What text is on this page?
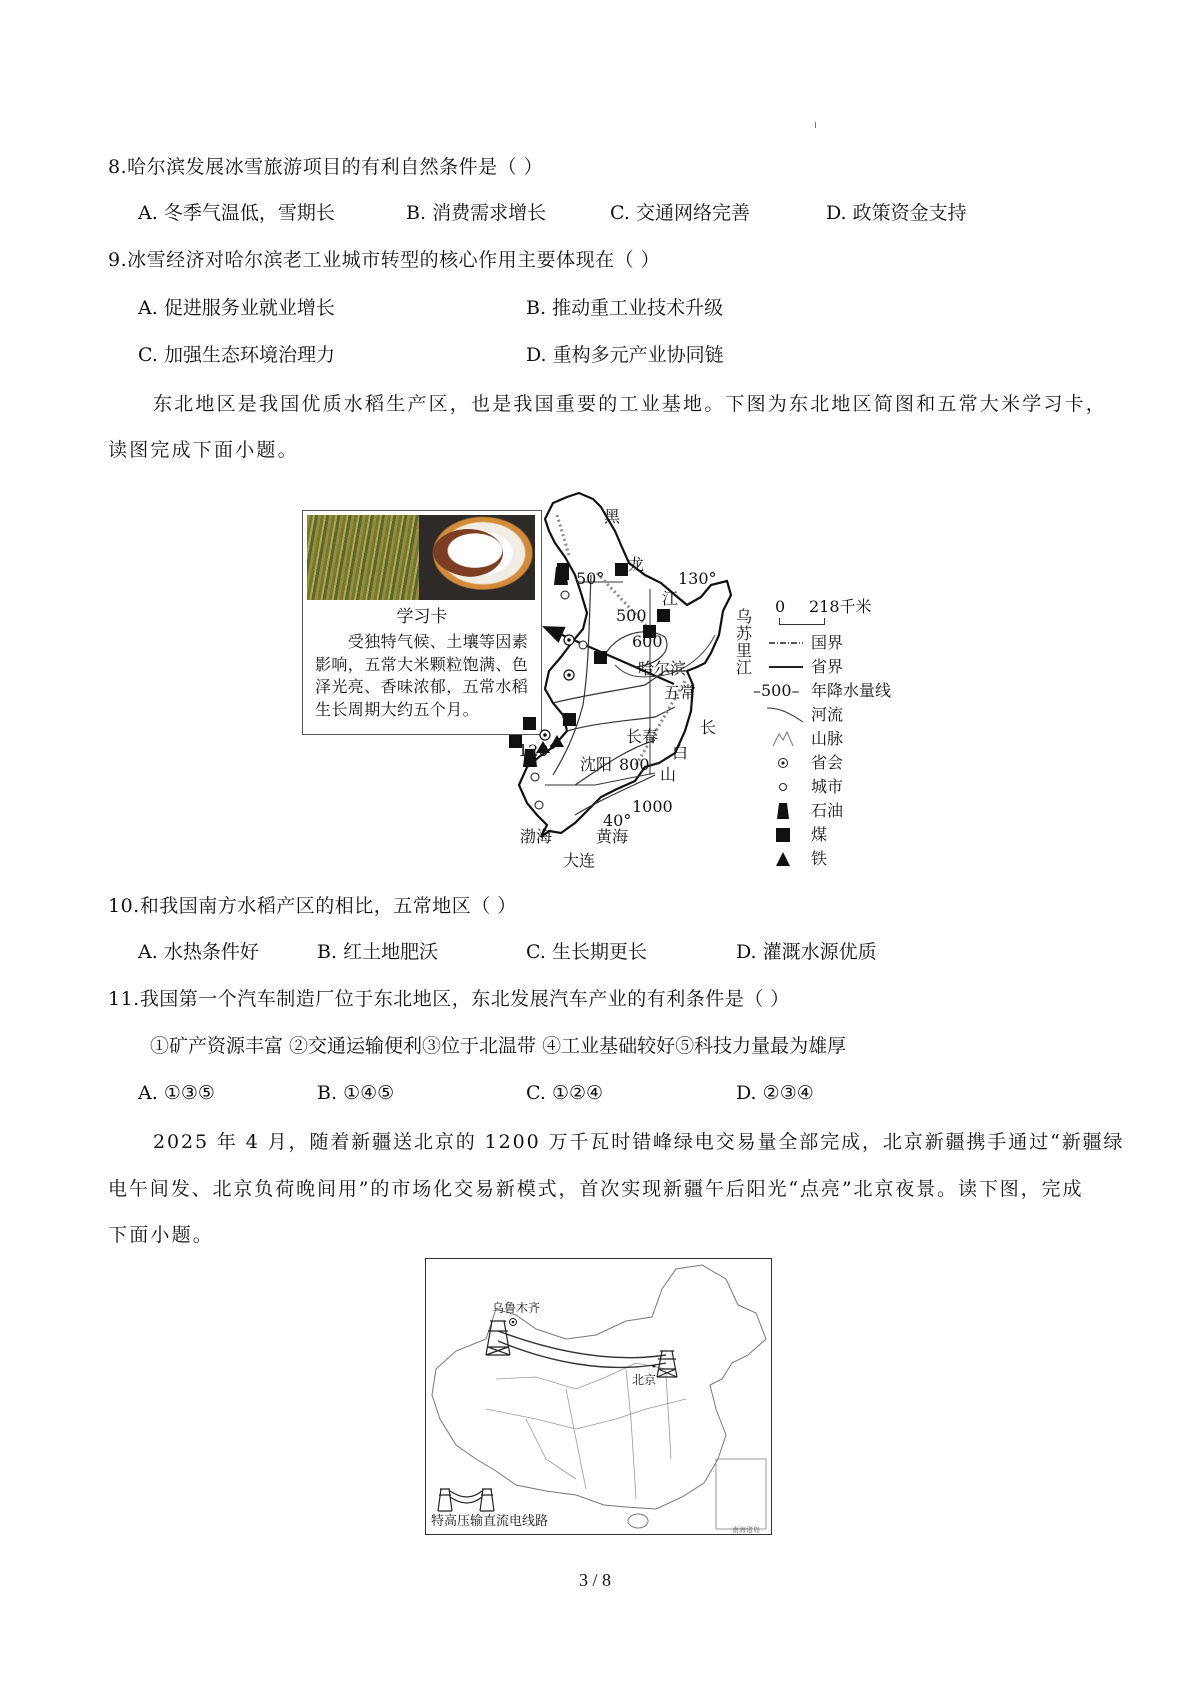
8.哈尔滨发展冰雪旅游项目的有利自然条件是（ ）
A. 冬季气温低，雪期长	B. 消费需求增长	C. 交通网络完善	D. 政策资金支持
9.冰雪经济对哈尔滨老工业城市转型的核心作用主要体现在（ ）
A. 促进服务业就业增长	B. 推动重工业技术升级
C. 加强生态环境治理力	D. 重构多元产业协同链
东北地区是我国优质水稻生产区，也是我国重要的工业基地。下图为东北地区简图和五常大米学习卡，
读图完成下面小题。
学习卡
　　受独特气候、土壤等因素影响，五常大米颗粒饱满、色泽光亮、香味浓郁，五常水稻生长周期大约五个月。
黑
龙
江
50°	130°
500
600
哈尔滨
五常
长春
120°
沈阳 800
1000
40°
渤海	黄海
大连
乌
苏
里
江
长
白
山
0 218千米
国界
省界
–500– 年降水量线
河流
山脉
省会
城市
石油
煤
铁
10.和我国南方水稻产区的相比，五常地区（ ）
A. 水热条件好	B. 红土地肥沃	C. 生长期更长	D. 灌溉水源优质
11.我国第一个汽车制造厂位于东北地区，东北发展汽车产业的有利条件是（ ）
①矿产资源丰富 ②交通运输便利③位于北温带 ④工业基础较好⑤科技力量最为雄厚
A. ①③⑤	B. ①④⑤	C. ①②④	D. ②③④
2025 年 4 月，随着新疆送北京的 1200 万千瓦时错峰绿电交易量全部完成，北京新疆携手通过“新疆绿
电午间发、北京负荷晚间用”的市场化交易新模式，首次实现新疆午后阳光“点亮”北京夜景。读下图，完成
下面小题。
乌鲁木齐
北京
特高压输直流电线路
南海诸岛
3 / 8
